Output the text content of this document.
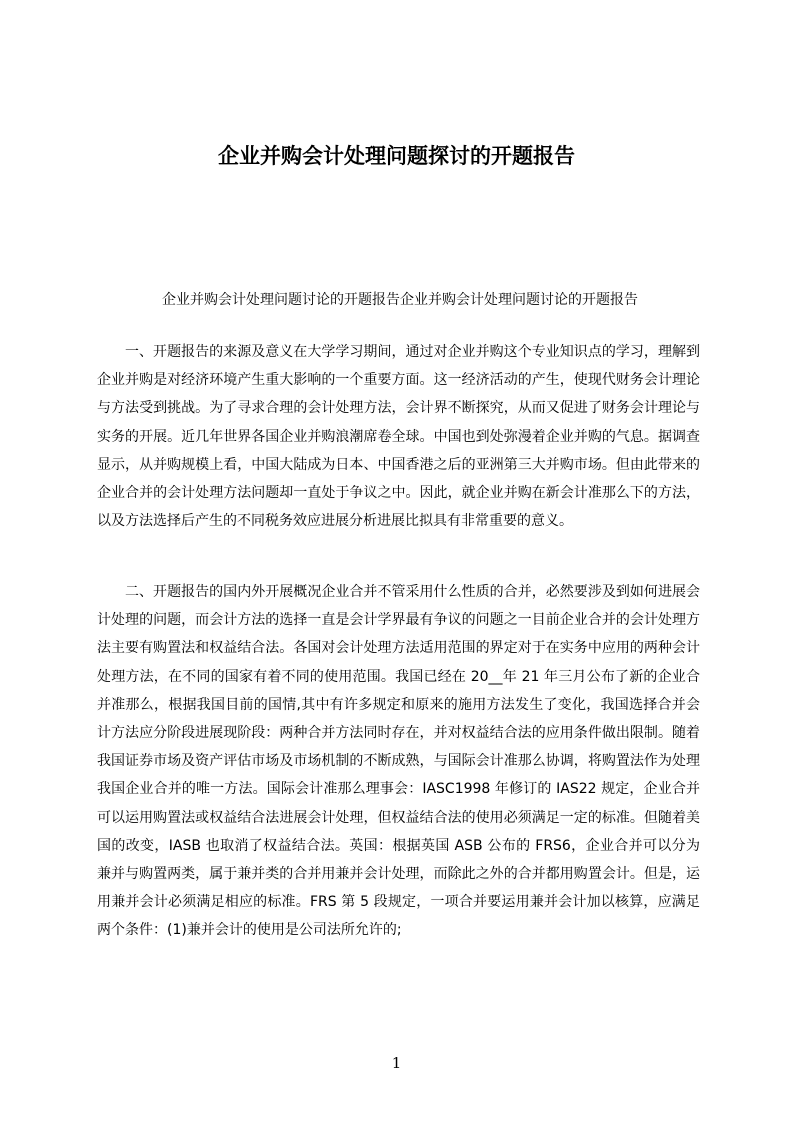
企业并购会计处理问题探讨的开题报告
企业并购会计处理问题讨论的开题报告企业并购会计处理问题讨论的开题报告

一、开题报告的来源及意义在大学学习期间，通过对企业并购这个专业知识点的学习，理解到企业并购是对经济环境产生重大影响的一个重要方面。这一经济活动的产生，使现代财务会计理论与方法受到挑战。为了寻求合理的会计处理方法，会计界不断探究，从而又促进了财务会计理论与实务的开展。近几年世界各国企业并购浪潮席卷全球。中国也到处弥漫着企业并购的气息。据调查显示，从并购规模上看，中国大陆成为日本、中国香港之后的亚洲第三大并购市场。但由此带来的企业合并的会计处理方法问题却一直处于争议之中。因此，就企业并购在新会计准那么下的方法，以及方法选择后产生的不同税务效应进展分析进展比拟具有非常重要的意义。

二、开题报告的国内外开展概况企业合并不管采用什么性质的合并，必然要涉及到如何进展会计处理的问题，而会计方法的选择一直是会计学界最有争议的问题之一目前企业合并的会计处理方法主要有购置法和权益结合法。各国对会计处理方法适用范围的界定对于在实务中应用的两种会计处理方法，在不同的国家有着不同的使用范围。我国已经在 20__年 21 年三月公布了新的企业合并准那么，根据我国目前的国情,其中有许多规定和原来的施用方法发生了变化，我国选择合并会计方法应分阶段进展现阶段：两种合并方法同时存在，并对权益结合法的应用条件做出限制。随着我国证券市场及资产评估市场及市场机制的不断成熟，与国际会计准那么协调，将购置法作为处理我国企业合并的唯一方法。国际会计准那么理事会：IASC1998 年修订的 IAS22 规定，企业合并可以运用购置法或权益结合法进展会计处理，但权益结合法的使用必须满足一定的标准。但随着美国的改变，IASB 也取消了权益结合法。英国：根据英国 ASB 公布的 FRS6，企业合并可以分为兼并与购置两类，属于兼并类的合并用兼并会计处理，而除此之外的合并都用购置会计。但是，运用兼并会计必须满足相应的标准。FRS 第 5 段规定，一项合并要运用兼并会计加以核算，应满足两个条件：(1)兼并会计的使用是公司法所允许的;

1
